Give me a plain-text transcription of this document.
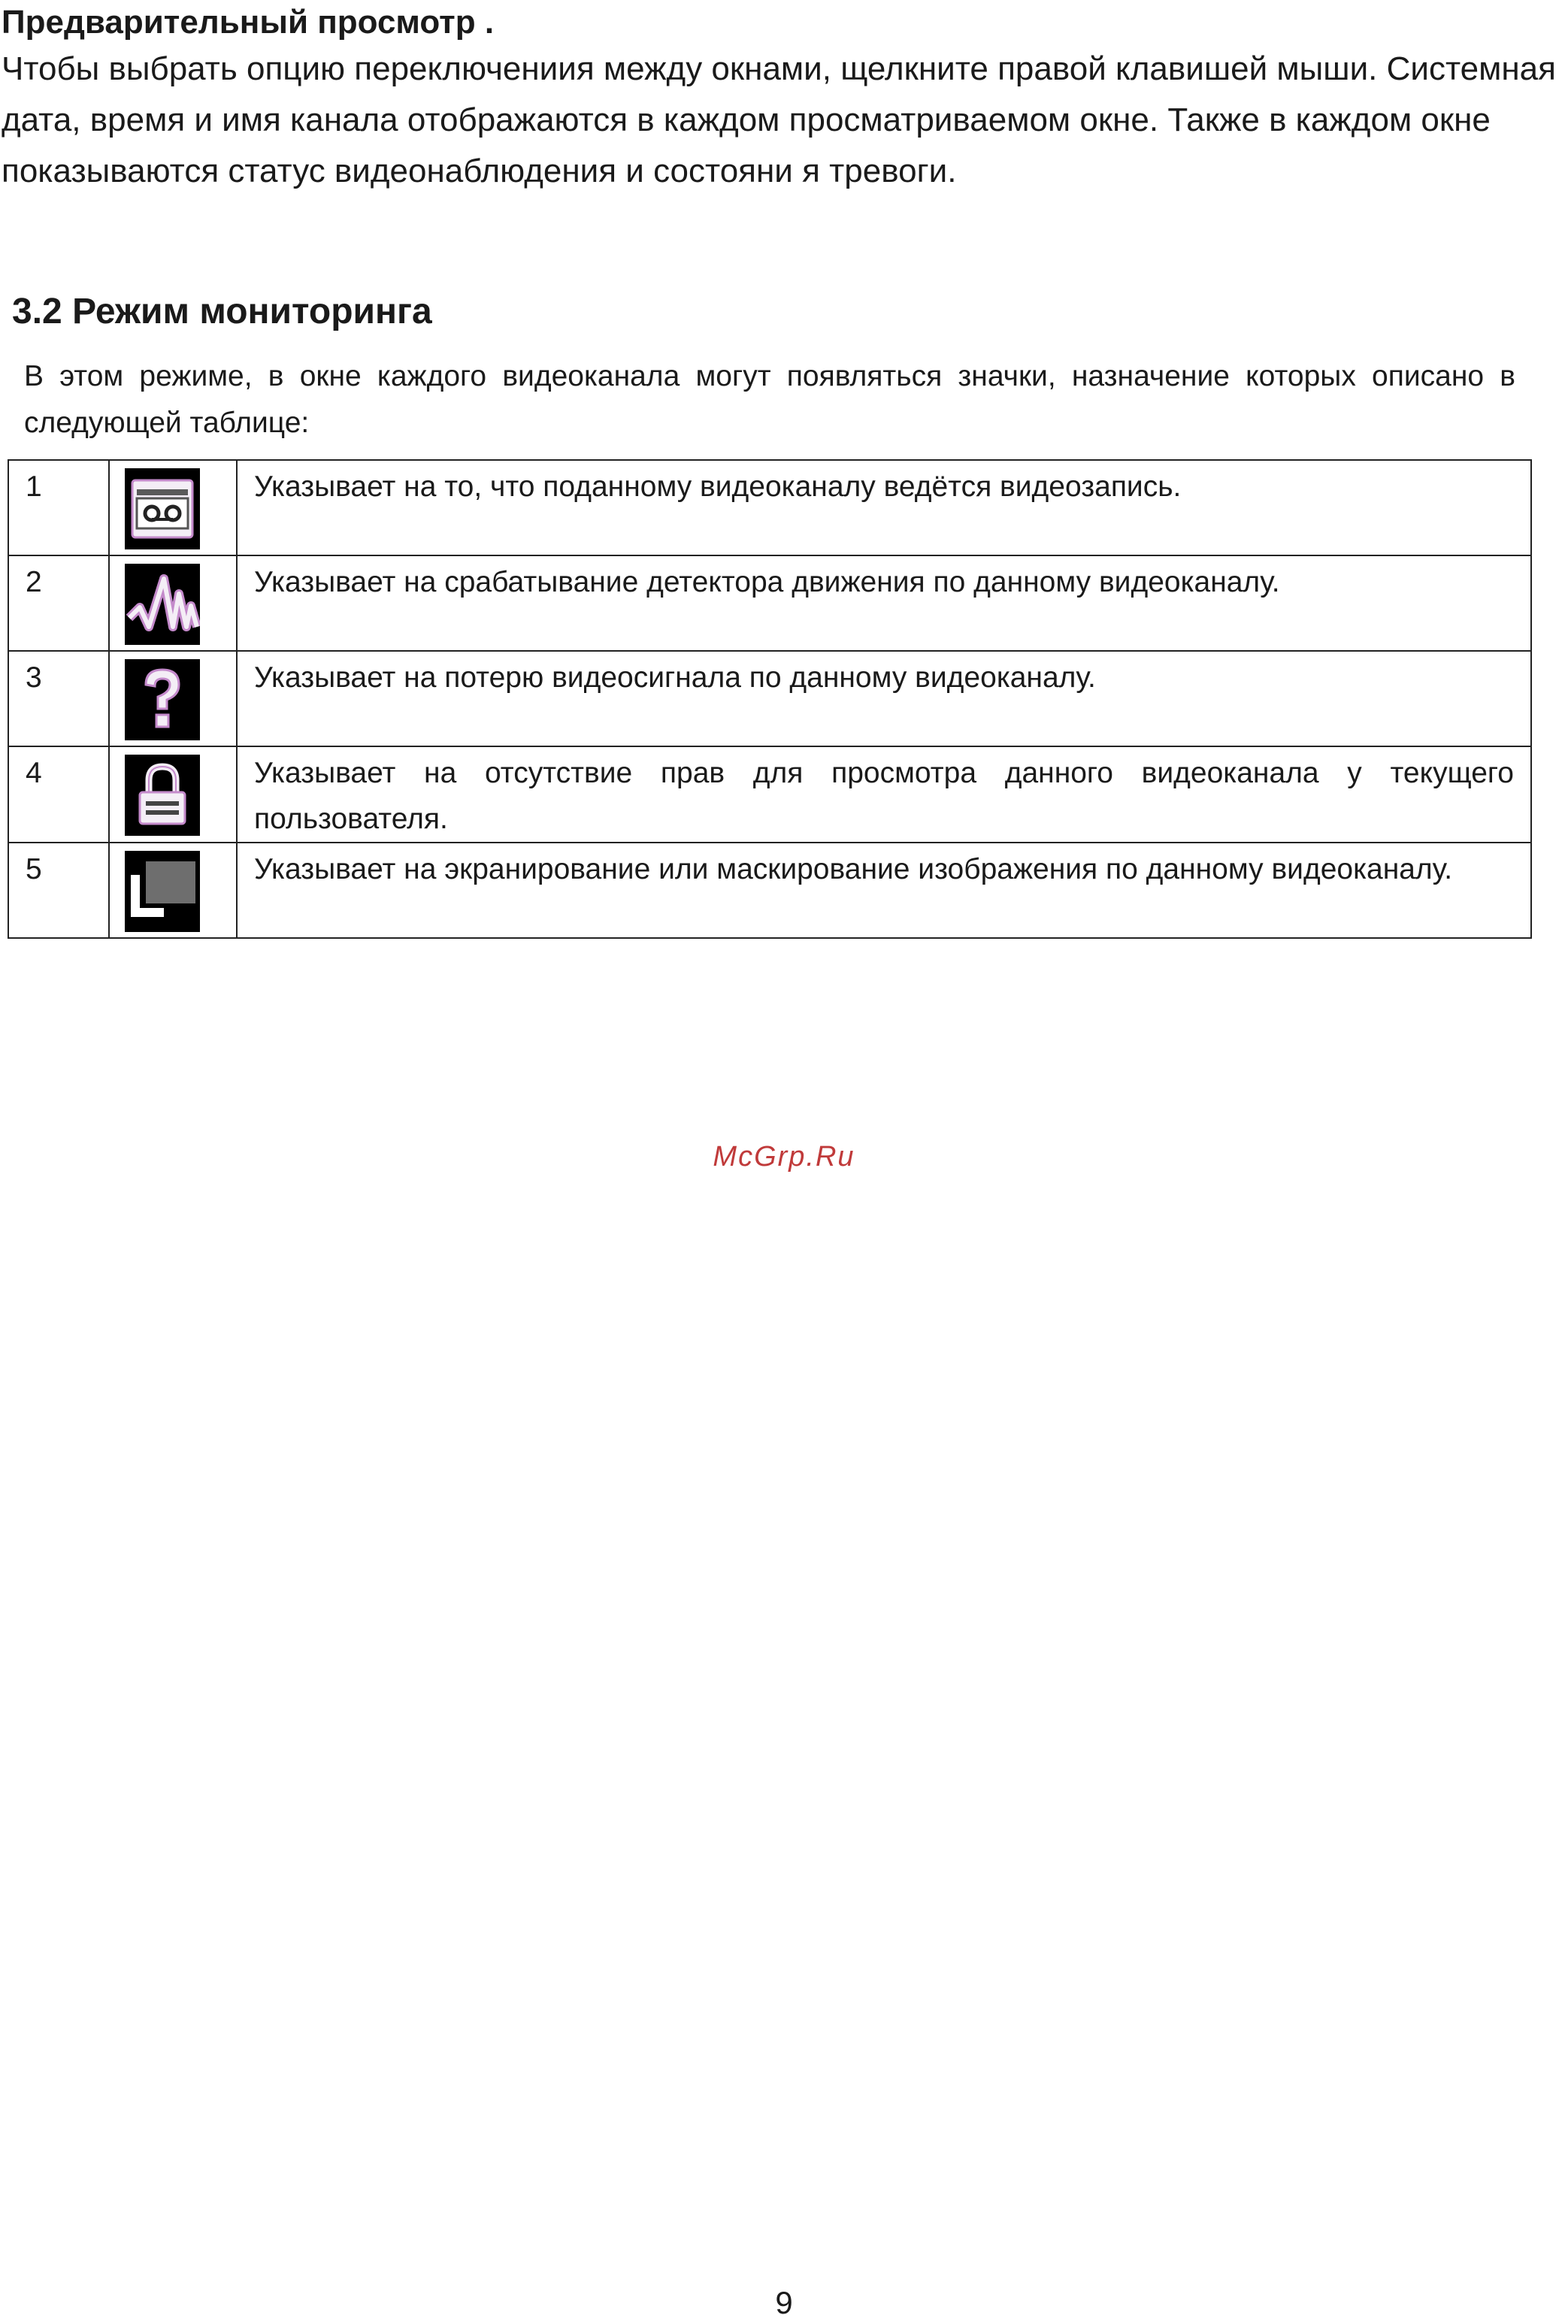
Предварительный просмотр .

Чтобы выбрать опцию переключениия между окнами, щелкните правой клавишей мыши. Системная дата, время и имя канала отображаются в каждом просматриваемом окне. Также в каждом окне показываются статус видеонаблюдения и состояни я тревоги.

3.2 Режим мониторинга

В этом режиме, в окне каждого видеоканала могут появляться значки, назначение которых описано в следующей таблице:

1		Указывает на то, что поданному видеоканалу ведётся видеозапись.
2		Указывает на срабатывание детектора движения по данному видеоканалу.
3		Указывает на потерю видеосигнала по данному видеоканалу.
4		Указывает на отсутствие прав для просмотра данного видеоканала у текущего пользователя.
5		Указывает на экранирование или маскирование изображения по данному видеоканалу.
McGrp.Ru
9
